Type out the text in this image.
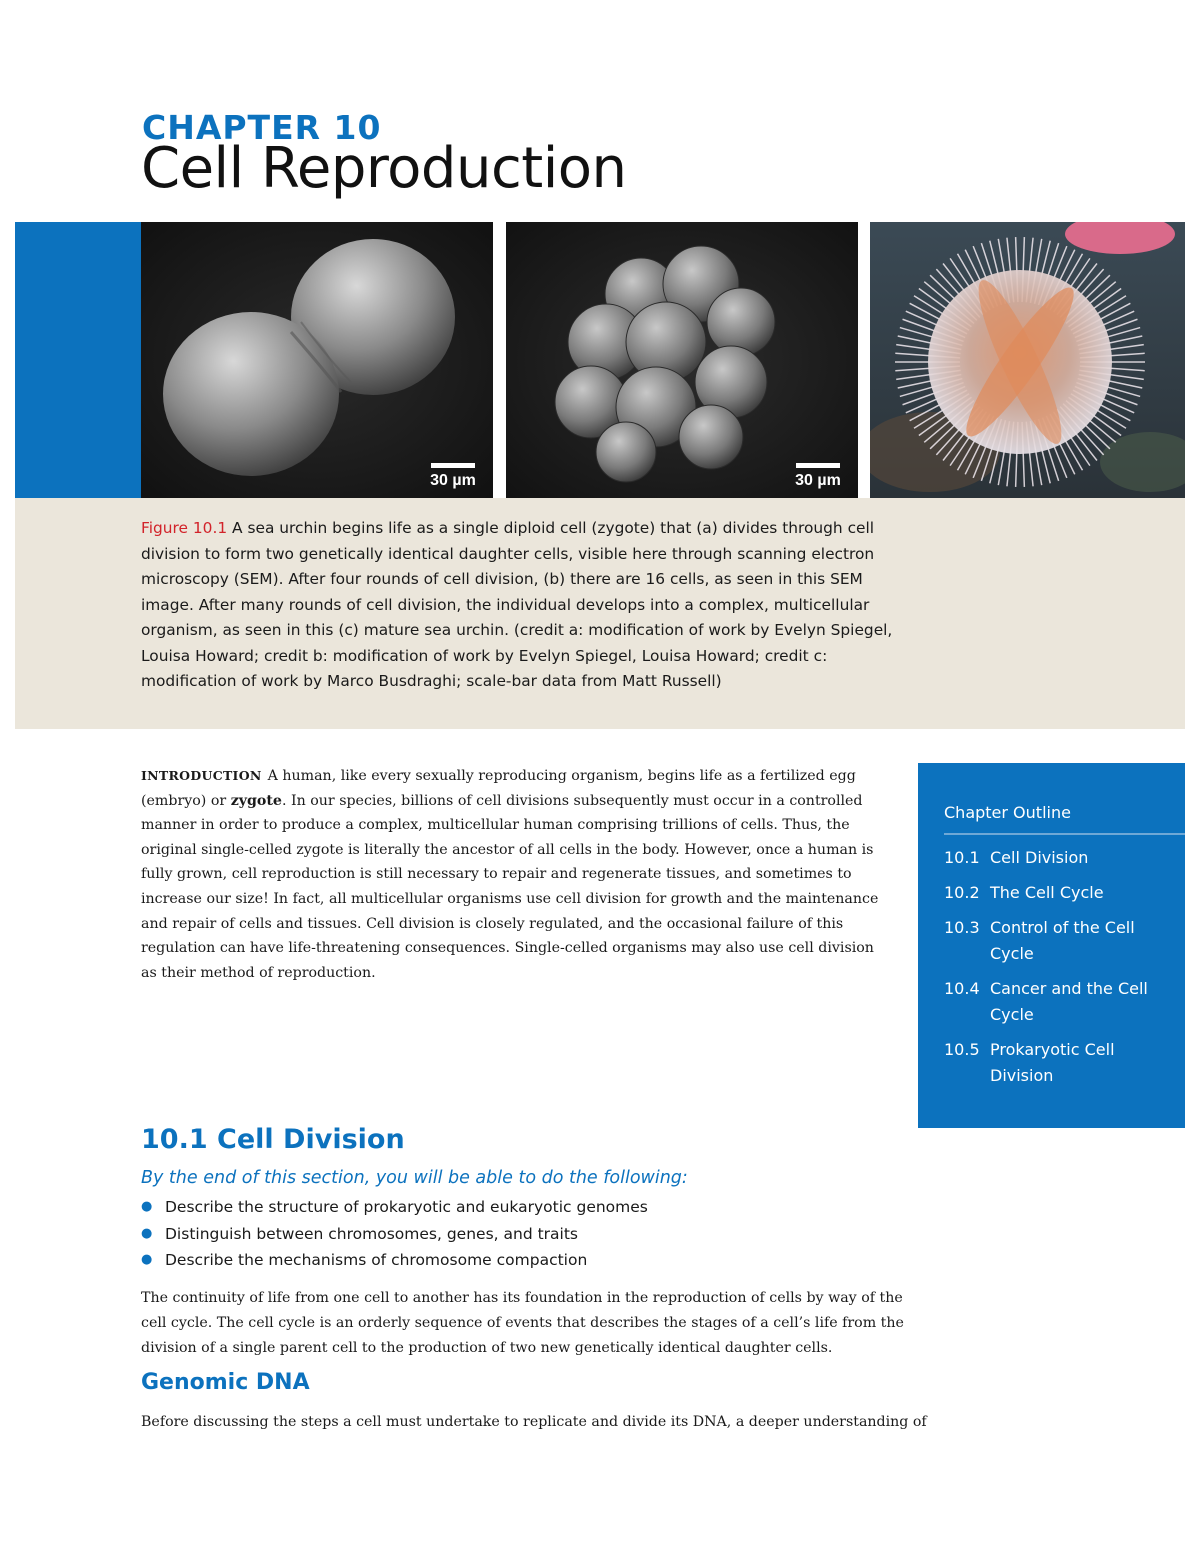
CHAPTER 10
Cell Reproduction
30 µm	30 µm
Figure 10.1 A sea urchin begins life as a single diploid cell (zygote) that (a) divides through cell division to form two genetically identical daughter cells, visible here through scanning electron microscopy (SEM). After four rounds of cell division, (b) there are 16 cells, as seen in this SEM image. After many rounds of cell division, the individual develops into a complex, multicellular organism, as seen in this (c) mature sea urchin. (credit a: modification of work by Evelyn Spiegel, Louisa Howard; credit b: modification of work by Evelyn Spiegel, Louisa Howard; credit c: modification of work by Marco Busdraghi; scale-bar data from Matt Russell)
INTRODUCTION A human, like every sexually reproducing organism, begins life as a fertilized egg (embryo) or zygote. In our species, billions of cell divisions subsequently must occur in a controlled manner in order to produce a complex, multicellular human comprising trillions of cells. Thus, the original single-celled zygote is literally the ancestor of all cells in the body. However, once a human is fully grown, cell reproduction is still necessary to repair and regenerate tissues, and sometimes to increase our size! In fact, all multicellular organisms use cell division for growth and the maintenance and repair of cells and tissues. Cell division is closely regulated, and the occasional failure of this regulation can have life-threatening consequences. Single-celled organisms may also use cell division as their method of reproduction.
Chapter Outline
10.1 Cell Division
10.2 The Cell Cycle
10.3 Control of the Cell Cycle
10.4 Cancer and the Cell Cycle
10.5 Prokaryotic Cell Division
10.1 Cell Division
By the end of this section, you will be able to do the following:
● Describe the structure of prokaryotic and eukaryotic genomes
● Distinguish between chromosomes, genes, and traits
● Describe the mechanisms of chromosome compaction
The continuity of life from one cell to another has its foundation in the reproduction of cells by way of the cell cycle. The cell cycle is an orderly sequence of events that describes the stages of a cell’s life from the division of a single parent cell to the production of two new genetically identical daughter cells.
Genomic DNA
Before discussing the steps a cell must undertake to replicate and divide its DNA, a deeper understanding of
